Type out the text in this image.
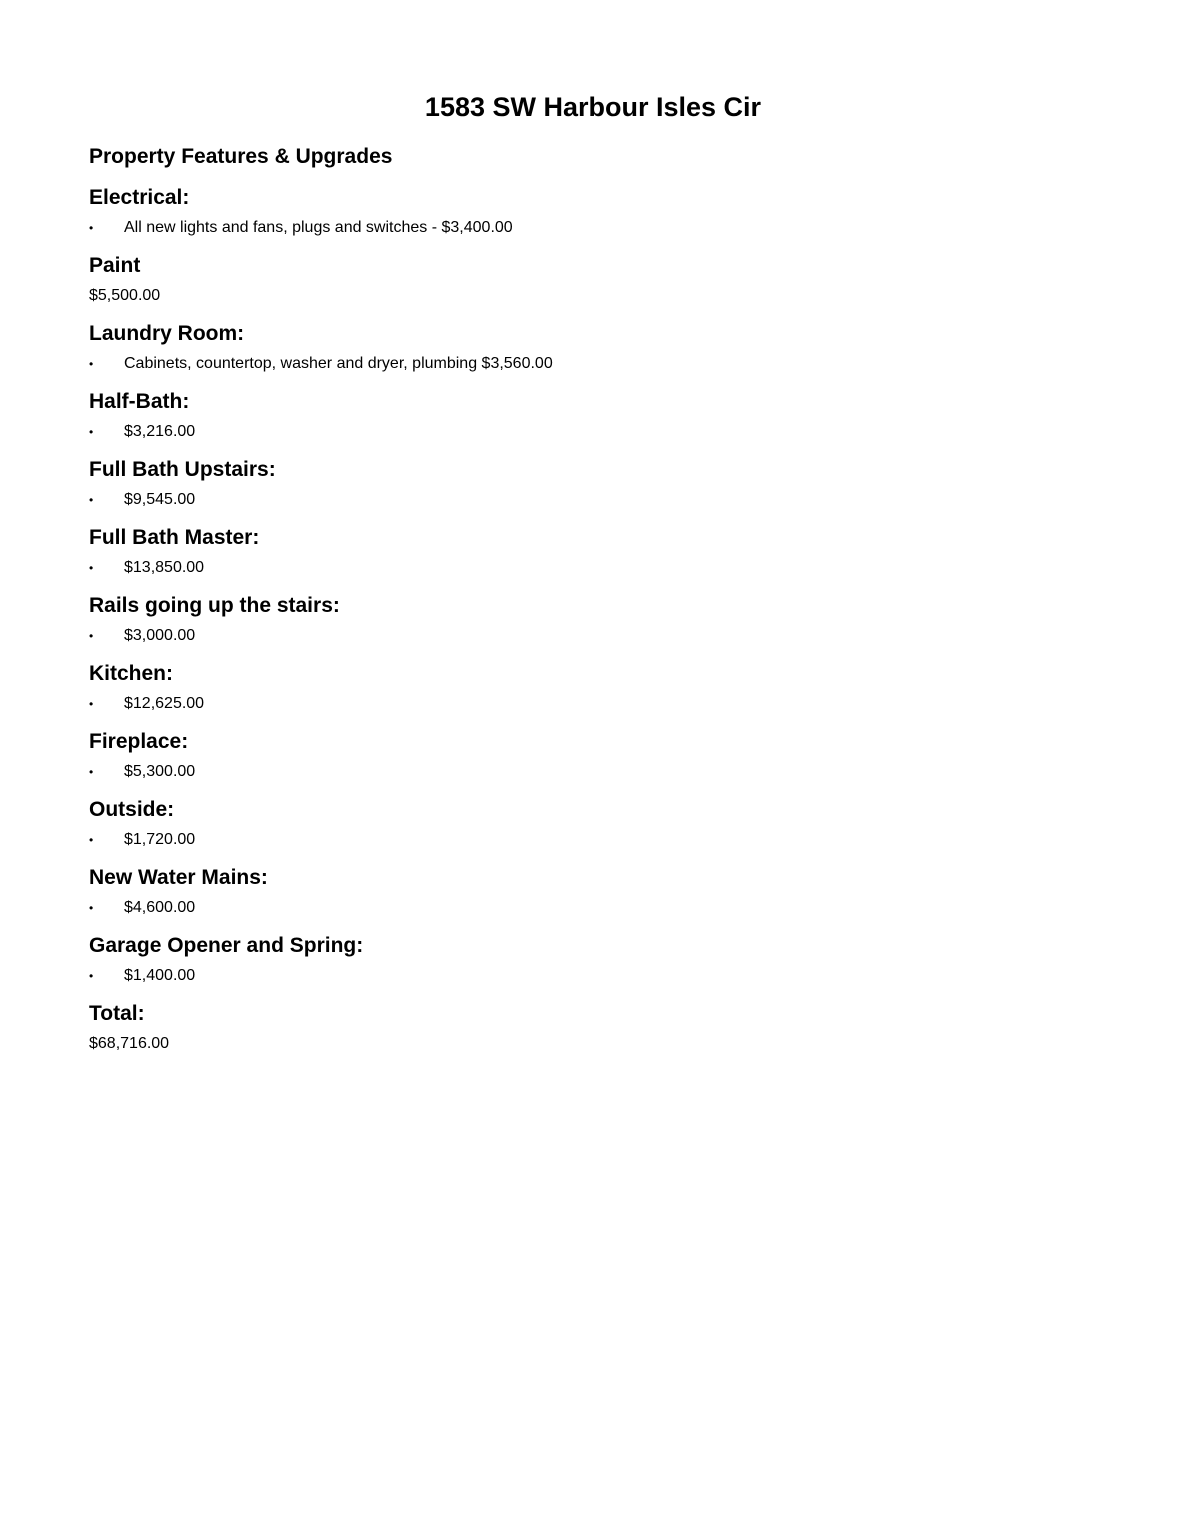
1583 SW Harbour Isles Cir
Property Features & Upgrades
Electrical:
•	All new lights and fans, plugs and switches - $3,400.00
Paint
$5,500.00
Laundry Room:
•	Cabinets, countertop, washer and dryer, plumbing $3,560.00
Half-Bath:
•	$3,216.00
Full Bath Upstairs:
•	$9,545.00
Full Bath Master:
•	$13,850.00
Rails going up the stairs:
•	$3,000.00
Kitchen:
•	$12,625.00
Fireplace:
•	$5,300.00
Outside:
•	$1,720.00
New Water Mains:
•	$4,600.00
Garage Opener and Spring:
•	$1,400.00
Total:
$68,716.00
